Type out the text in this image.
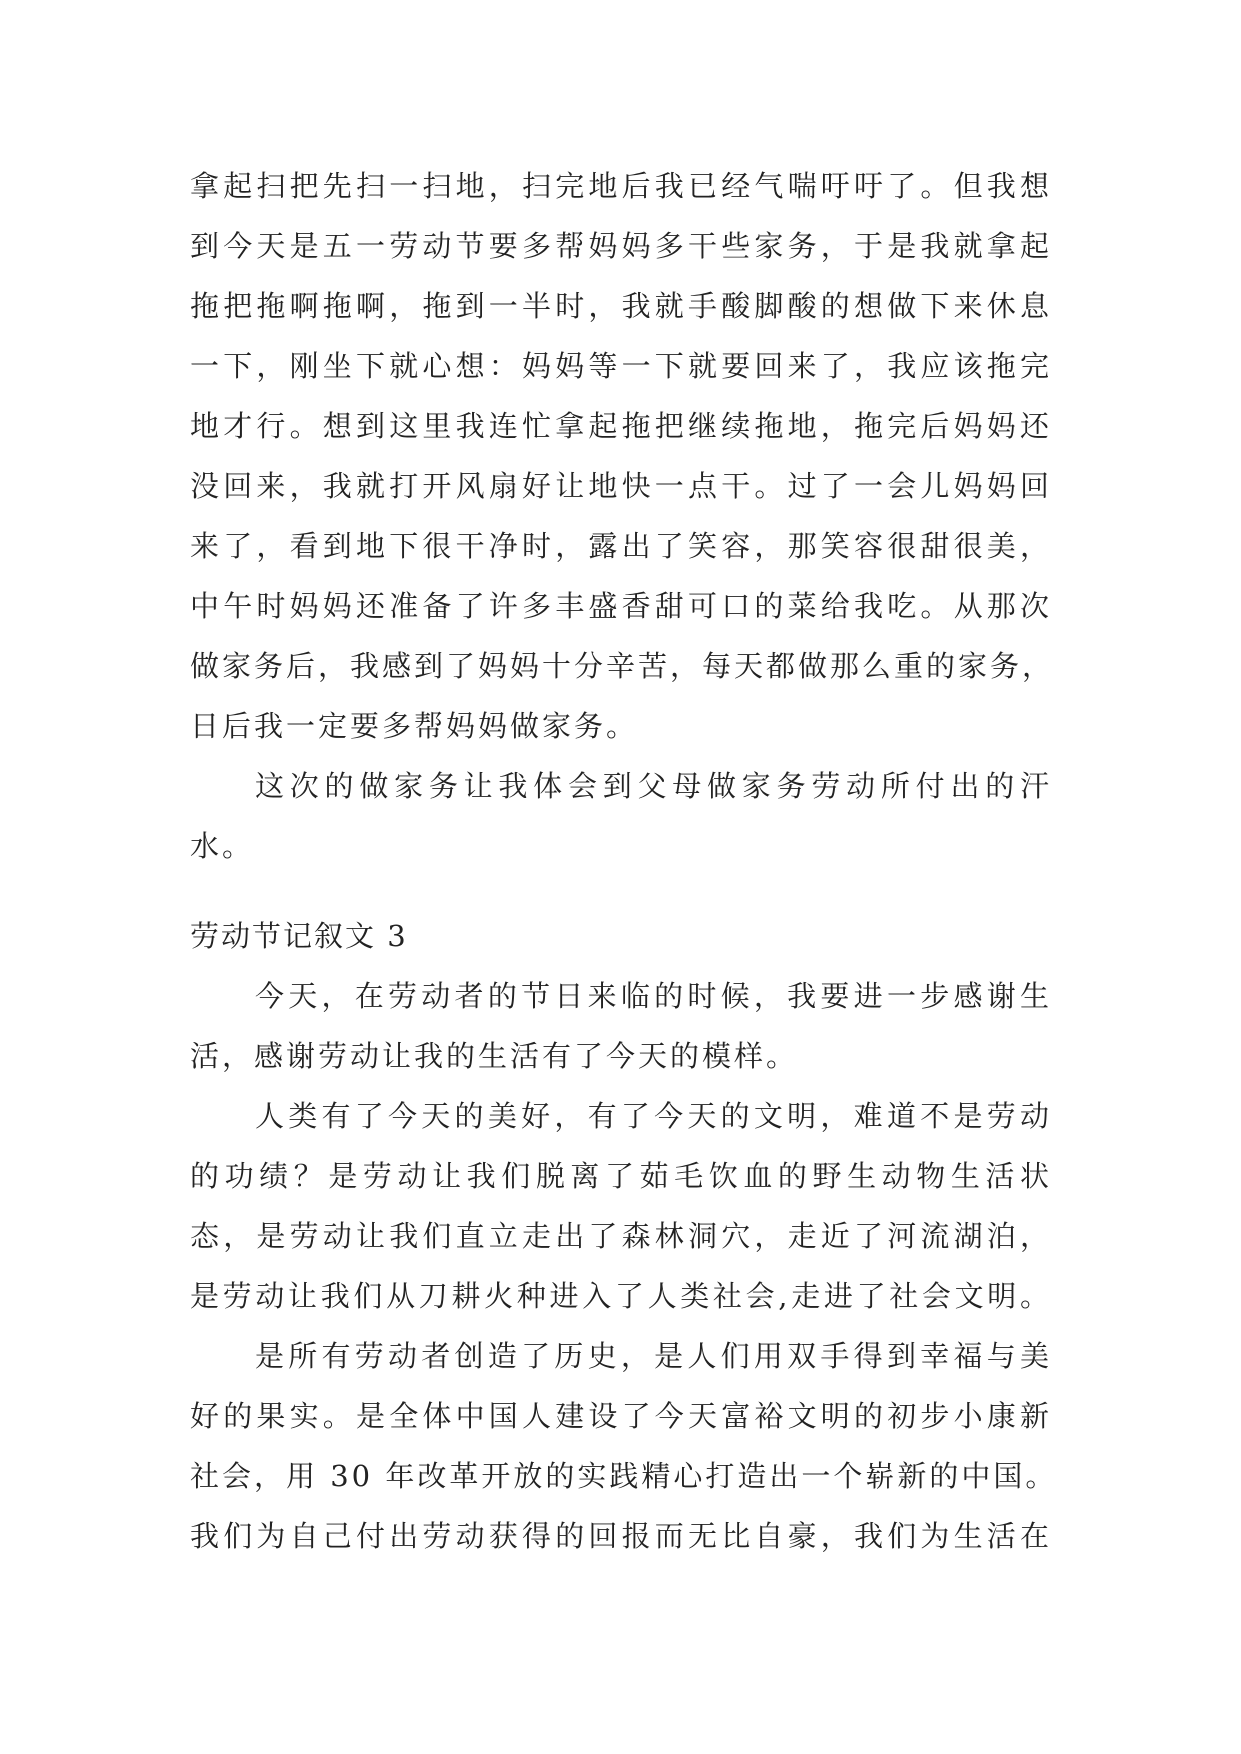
拿起扫把先扫一扫地，扫完地后我已经气喘吁吁了。但我想
到今天是五一劳动节要多帮妈妈多干些家务，于是我就拿起
拖把拖啊拖啊，拖到一半时，我就手酸脚酸的想做下来休息
一下，刚坐下就心想：妈妈等一下就要回来了，我应该拖完
地才行。想到这里我连忙拿起拖把继续拖地，拖完后妈妈还
没回来，我就打开风扇好让地快一点干。过了一会儿妈妈回
来了，看到地下很干净时，露出了笑容，那笑容很甜很美，
中午时妈妈还准备了许多丰盛香甜可口的菜给我吃。从那次
做家务后，我感到了妈妈十分辛苦，每天都做那么重的家务，
日后我一定要多帮妈妈做家务。
这次的做家务让我体会到父母做家务劳动所付出的汗
水。
劳动节记叙文 3
今天，在劳动者的节日来临的时候，我要进一步感谢生
活，感谢劳动让我的生活有了今天的模样。
人类有了今天的美好，有了今天的文明，难道不是劳动
的功绩？是劳动让我们脱离了茹毛饮血的野生动物生活状
态，是劳动让我们直立走出了森林洞穴，走近了河流湖泊，
是劳动让我们从刀耕火种进入了人类社会,走进了社会文明。
是所有劳动者创造了历史，是人们用双手得到幸福与美
好的果实。是全体中国人建设了今天富裕文明的初步小康新
社会，用 30 年改革开放的实践精心打造出一个崭新的中国。
我们为自己付出劳动获得的回报而无比自豪，我们为生活在
